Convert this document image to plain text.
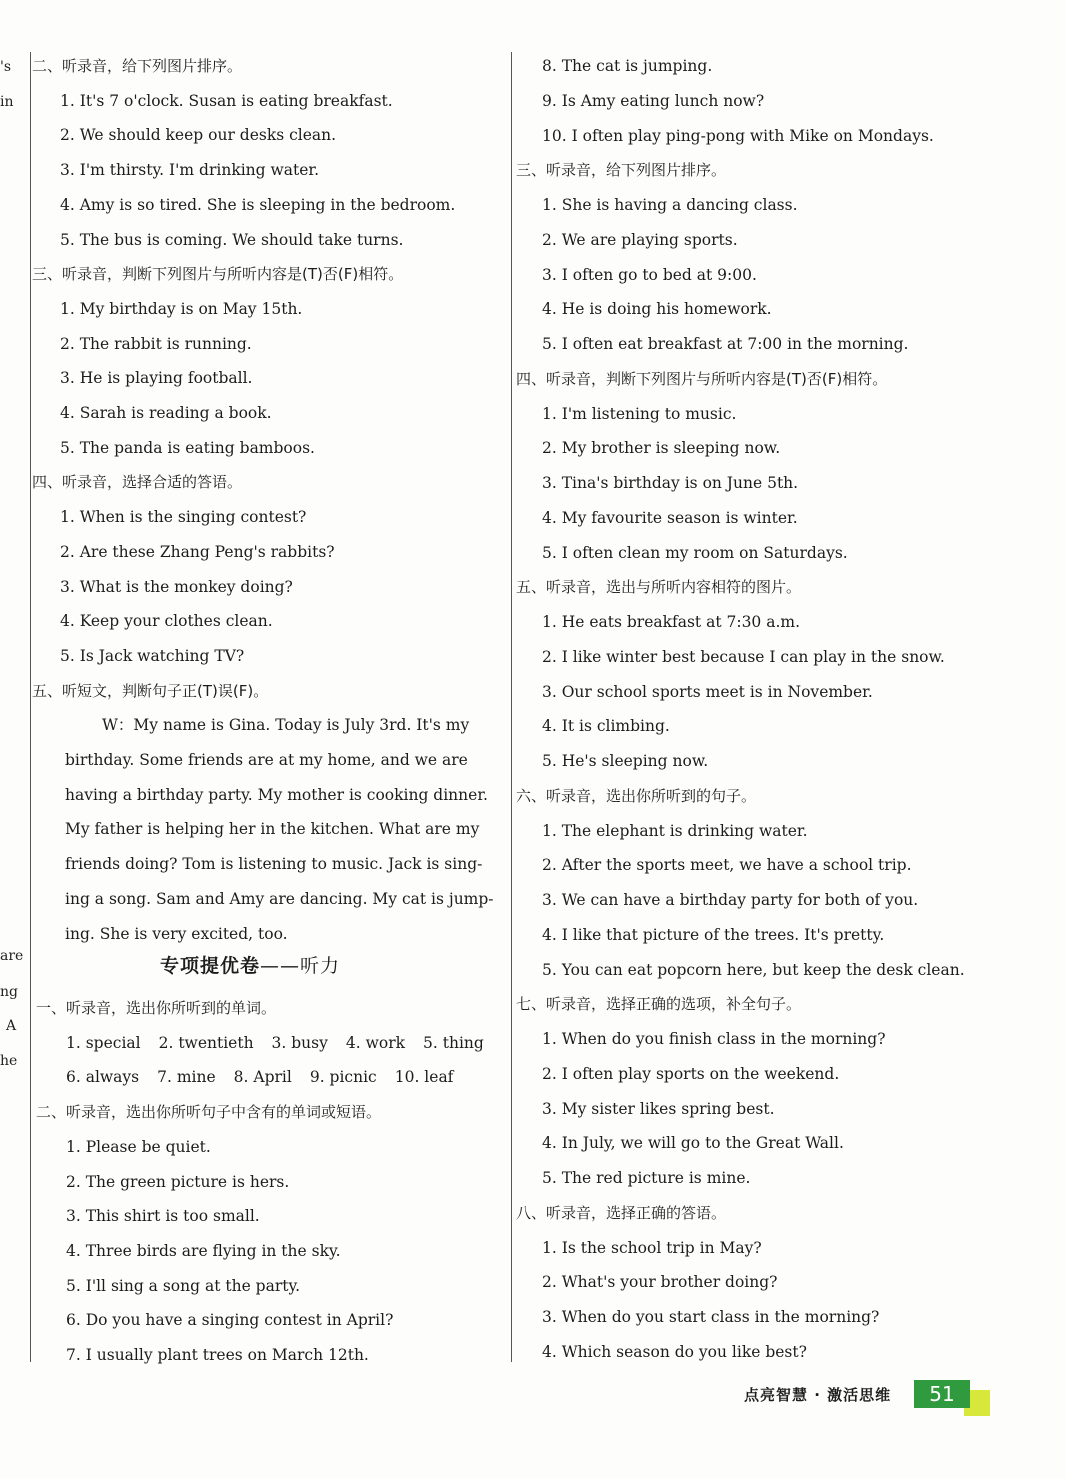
's
in
are
ng
A
he
二、听录音，给下列图片排序。
1. It's 7 o'clock. Susan is eating breakfast.
2. We should keep our desks clean.
3. I'm thirsty. I'm drinking water.
4. Amy is so tired. She is sleeping in the bedroom.
5. The bus is coming. We should take turns.
三、听录音，判断下列图片与所听内容是(T)否(F)相符。
1. My birthday is on May 15th.
2. The rabbit is running.
3. He is playing football.
4. Sarah is reading a book.
5. The panda is eating bamboos.
四、听录音，选择合适的答语。
1. When is the singing contest?
2. Are these Zhang Peng's rabbits?
3. What is the monkey doing?
4. Keep your clothes clean.
5. Is Jack watching TV?
五、听短文，判断句子正(T)误(F)。
W：My name is Gina. Today is July 3rd. It's my
birthday. Some friends are at my home, and we are
having a birthday party. My mother is cooking dinner.
My father is helping her in the kitchen. What are my
friends doing? Tom is listening to music. Jack is sing-
ing a song. Sam and Amy are dancing. My cat is jump-
ing. She is very excited, too.
专项提优卷——听力
一、听录音，选出你所听到的单词。
1. special 2. twentieth 3. busy 4. work 5. thing
6. always 7. mine 8. April 9. picnic 10. leaf
二、听录音，选出你所听句子中含有的单词或短语。
1. Please be quiet.
2. The green picture is hers.
3. This shirt is too small.
4. Three birds are flying in the sky.
5. I'll sing a song at the party.
6. Do you have a singing contest in April?
7. I usually plant trees on March 12th.
8. The cat is jumping.
9. Is Amy eating lunch now?
10. I often play ping-pong with Mike on Mondays.
三、听录音，给下列图片排序。
1. She is having a dancing class.
2. We are playing sports.
3. I often go to bed at 9:00.
4. He is doing his homework.
5. I often eat breakfast at 7:00 in the morning.
四、听录音，判断下列图片与所听内容是(T)否(F)相符。
1. I'm listening to music.
2. My brother is sleeping now.
3. Tina's birthday is on June 5th.
4. My favourite season is winter.
5. I often clean my room on Saturdays.
五、听录音，选出与所听内容相符的图片。
1. He eats breakfast at 7:30 a.m.
2. I like winter best because I can play in the snow.
3. Our school sports meet is in November.
4. It is climbing.
5. He's sleeping now.
六、听录音，选出你所听到的句子。
1. The elephant is drinking water.
2. After the sports meet, we have a school trip.
3. We can have a birthday party for both of you.
4. I like that picture of the trees. It's pretty.
5. You can eat popcorn here, but keep the desk clean.
七、听录音，选择正确的选项，补全句子。
1. When do you finish class in the morning?
2. I often play sports on the weekend.
3. My sister likes spring best.
4. In July, we will go to the Great Wall.
5. The red picture is mine.
八、听录音，选择正确的答语。
1. Is the school trip in May?
2. What's your brother doing?
3. When do you start class in the morning?
4. Which season do you like best?
点亮智慧 · 激活思维	51
